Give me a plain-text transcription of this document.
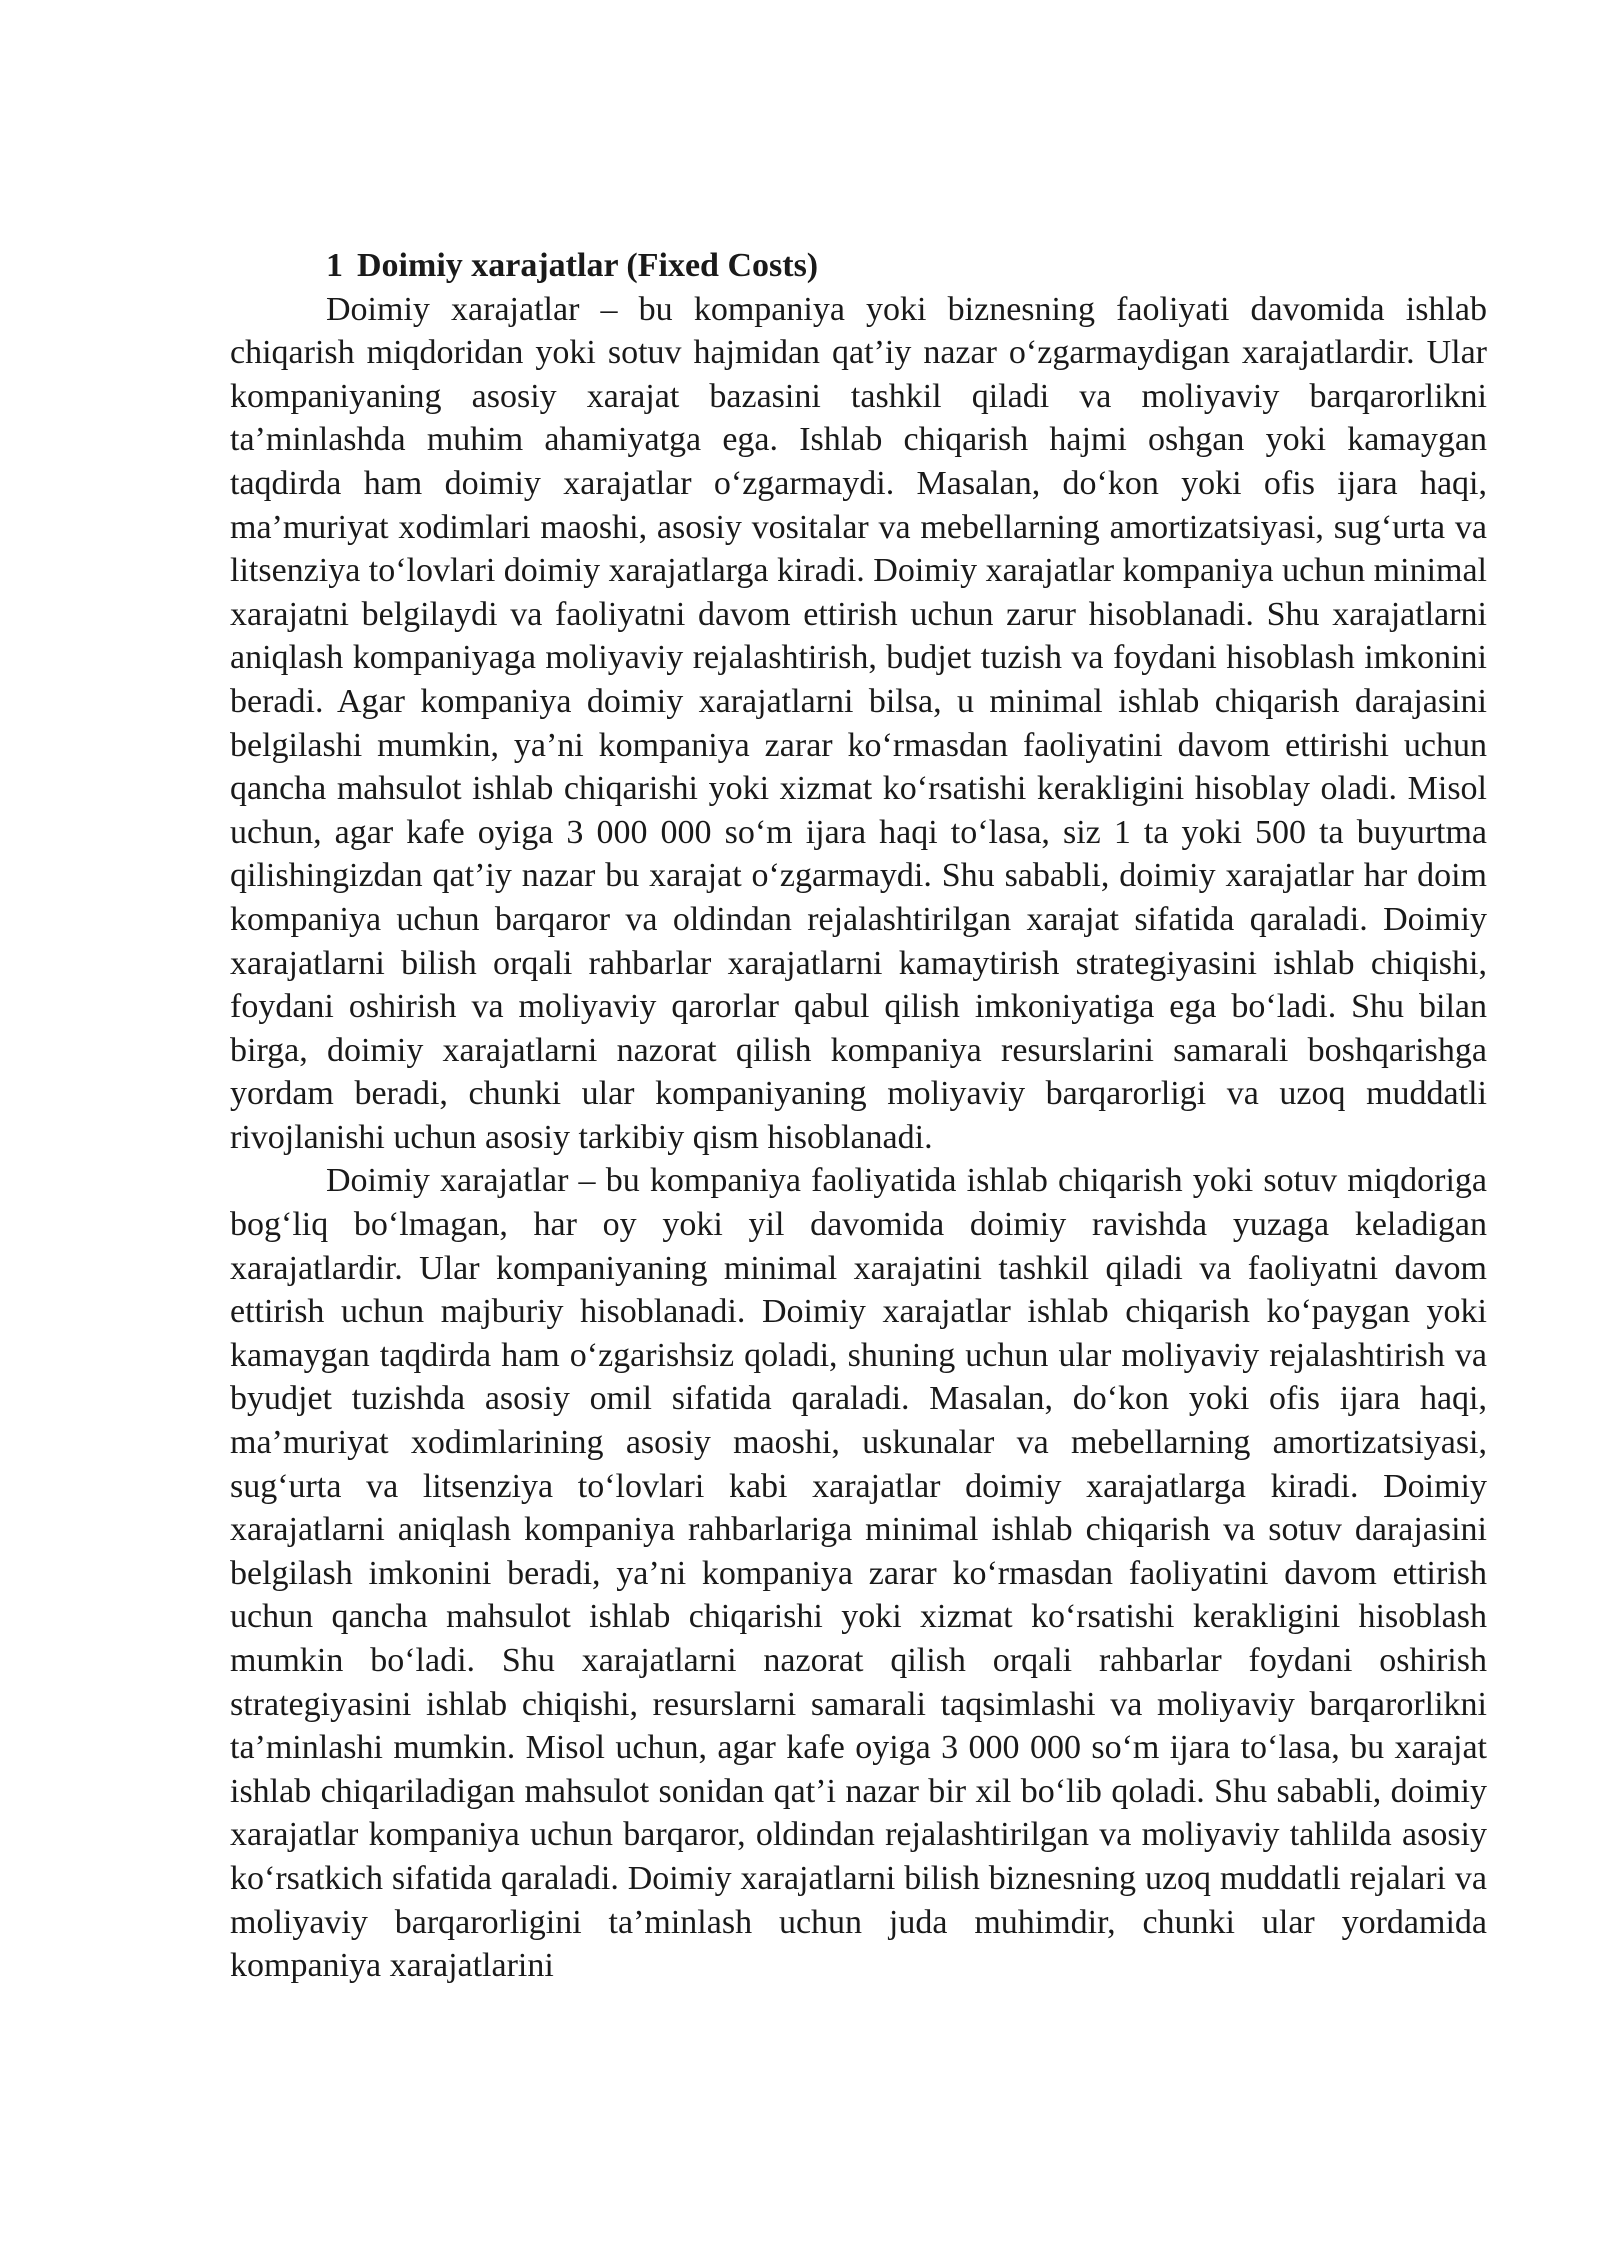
1 Doimiy xarajatlar (Fixed Costs)

Doimiy xarajatlar – bu kompaniya yoki biznesning faoliyati davomida ishlab chiqarish miqdoridan yoki sotuv hajmidan qat’iy nazar o‘zgarmaydigan xarajatlardir. Ular kompaniyaning asosiy xarajat bazasini tashkil qiladi va moliyaviy barqarorlikni ta’minlashda muhim ahamiyatga ega. Ishlab chiqarish hajmi oshgan yoki kamaygan taqdirda ham doimiy xarajatlar o‘zgarmaydi. Masalan, do‘kon yoki ofis ijara haqi, ma’muriyat xodimlari maoshi, asosiy vositalar va mebellarning amortizatsiyasi, sug‘urta va litsenziya to‘lovlari doimiy xarajatlarga kiradi. Doimiy xarajatlar kompaniya uchun minimal xarajatni belgilaydi va faoliyatni davom ettirish uchun zarur hisoblanadi. Shu xarajatlarni aniqlash kompaniyaga moliyaviy rejalashtirish, budjet tuzish va foydani hisoblash imkonini beradi. Agar kompaniya doimiy xarajatlarni bilsa, u minimal ishlab chiqarish darajasini belgilashi mumkin, ya’ni kompaniya zarar ko‘rmasdan faoliyatini davom ettirishi uchun qancha mahsulot ishlab chiqarishi yoki xizmat ko‘rsatishi kerakligini hisoblay oladi. Misol uchun, agar kafe oyiga 3 000 000 so‘m ijara haqi to‘lasa, siz 1 ta yoki 500 ta buyurtma qilishingizdan qat’iy nazar bu xarajat o‘zgarmaydi. Shu sababli, doimiy xarajatlar har doim kompaniya uchun barqaror va oldindan rejalashtirilgan xarajat sifatida qaraladi. Doimiy xarajatlarni bilish orqali rahbarlar xarajatlarni kamaytirish strategiyasini ishlab chiqishi, foydani oshirish va moliyaviy qarorlar qabul qilish imkoniyatiga ega bo‘ladi. Shu bilan birga, doimiy xarajatlarni nazorat qilish kompaniya resurslarini samarali boshqarishga yordam beradi, chunki ular kompaniyaning moliyaviy barqarorligi va uzoq muddatli rivojlanishi uchun asosiy tarkibiy qism hisoblanadi.

Doimiy xarajatlar – bu kompaniya faoliyatida ishlab chiqarish yoki sotuv miqdoriga bog‘liq bo‘lmagan, har oy yoki yil davomida doimiy ravishda yuzaga keladigan xarajatlardir. Ular kompaniyaning minimal xarajatini tashkil qiladi va faoliyatni davom ettirish uchun majburiy hisoblanadi. Doimiy xarajatlar ishlab chiqarish ko‘paygan yoki kamaygan taqdirda ham o‘zgarishsiz qoladi, shuning uchun ular moliyaviy rejalashtirish va byudjet tuzishda asosiy omil sifatida qaraladi. Masalan, do‘kon yoki ofis ijara haqi, ma’muriyat xodimlarining asosiy maoshi, uskunalar va mebellarning amortizatsiyasi, sug‘urta va litsenziya to‘lovlari kabi xarajatlar doimiy xarajatlarga kiradi. Doimiy xarajatlarni aniqlash kompaniya rahbarlariga minimal ishlab chiqarish va sotuv darajasini belgilash imkonini beradi, ya’ni kompaniya zarar ko‘rmasdan faoliyatini davom ettirish uchun qancha mahsulot ishlab chiqarishi yoki xizmat ko‘rsatishi kerakligini hisoblash mumkin bo‘ladi. Shu xarajatlarni nazorat qilish orqali rahbarlar foydani oshirish strategiyasini ishlab chiqishi, resurslarni samarali taqsimlashi va moliyaviy barqarorlikni ta’minlashi mumkin. Misol uchun, agar kafe oyiga 3 000 000 so‘m ijara to‘lasa, bu xarajat ishlab chiqariladigan mahsulot sonidan qat’i nazar bir xil bo‘lib qoladi. Shu sababli, doimiy xarajatlar kompaniya uchun barqaror, oldindan rejalashtirilgan va moliyaviy tahlilda asosiy ko‘rsatkich sifatida qaraladi. Doimiy xarajatlarni bilish biznesning uzoq muddatli rejalari va moliyaviy barqarorligini ta’minlash uchun juda muhimdir, chunki ular yordamida kompaniya xarajatlarini
